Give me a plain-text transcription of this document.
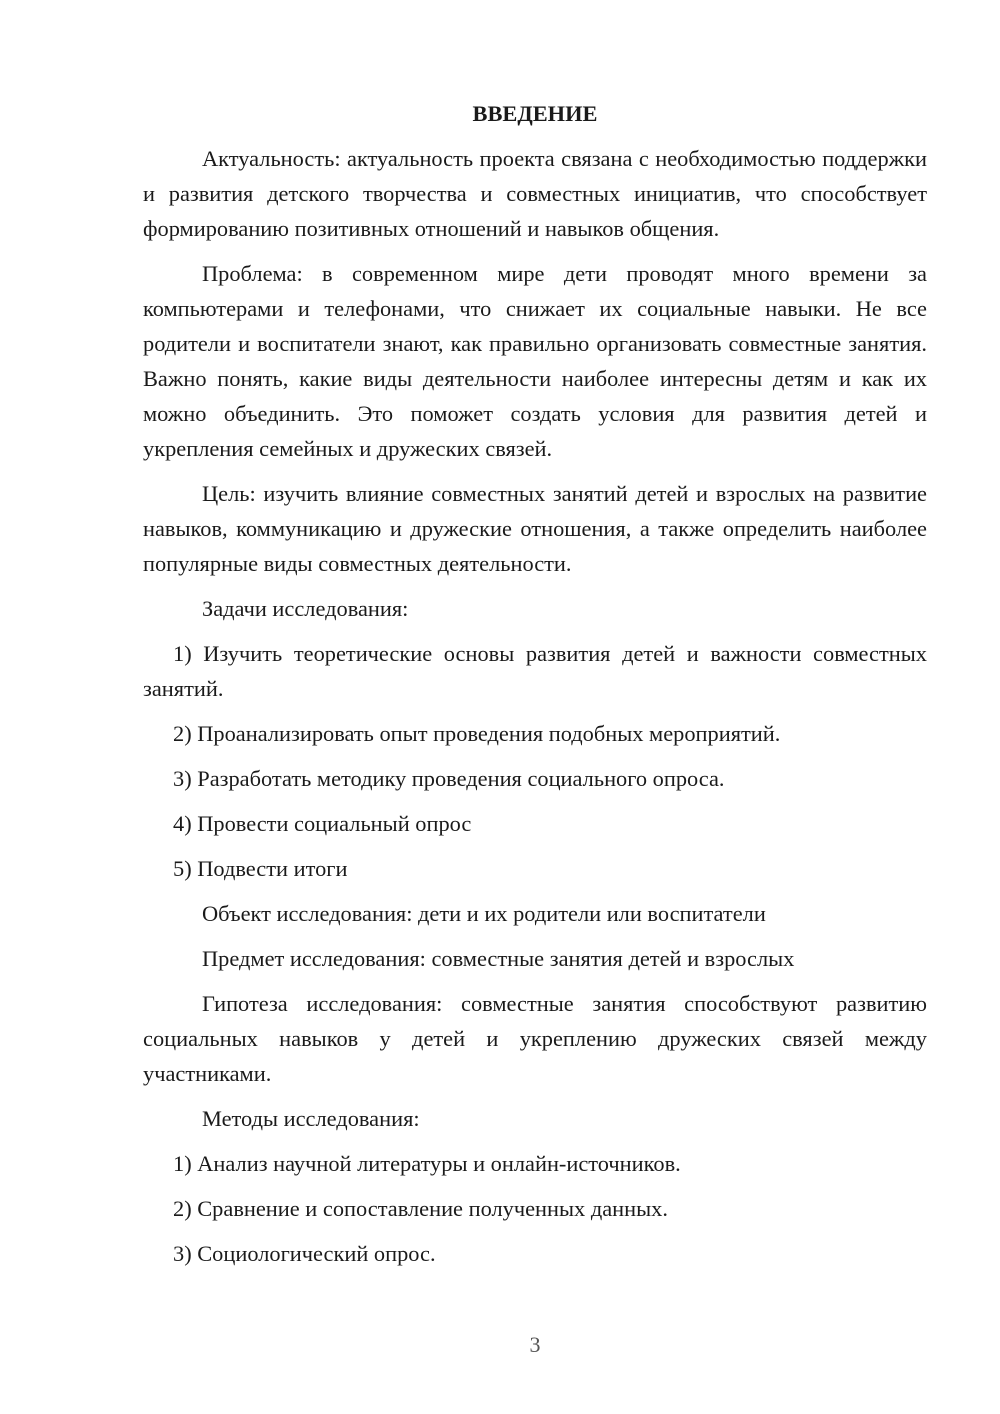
ВВЕДЕНИЕ

Актуальность: актуальность проекта связана с необходимостью поддержки и развития детского творчества и совместных инициатив, что способствует формированию позитивных отношений и навыков общения.

Проблема: в современном мире дети проводят много времени за компьютерами и телефонами, что снижает их социальные навыки. Не все родители и воспитатели знают, как правильно организовать совместные занятия. Важно понять, какие виды деятельности наиболее интересны детям и как их можно объединить. Это поможет создать условия для развития детей и укрепления семейных и дружеских связей.

Цель: изучить влияние совместных занятий детей и взрослых на развитие навыков, коммуникацию и дружеские отношения, а также определить наиболее популярные виды совместных деятельности.

Задачи исследования:

1) Изучить теоретические основы развития детей и важности совместных занятий.

2) Проанализировать опыт проведения подобных мероприятий.

3) Разработать методику проведения социального опроса.

4) Провести социальный опрос

5) Подвести итоги

Объект исследования: дети и их родители или воспитатели

Предмет исследования: совместные занятия детей и взрослых

Гипотеза исследования: совместные занятия способствуют развитию социальных навыков у детей и укреплению дружеских связей между участниками.

Методы исследования:

1) Анализ научной литературы и онлайн-источников.

2) Сравнение и сопоставление полученных данных.

3) Социологический опрос.

3
